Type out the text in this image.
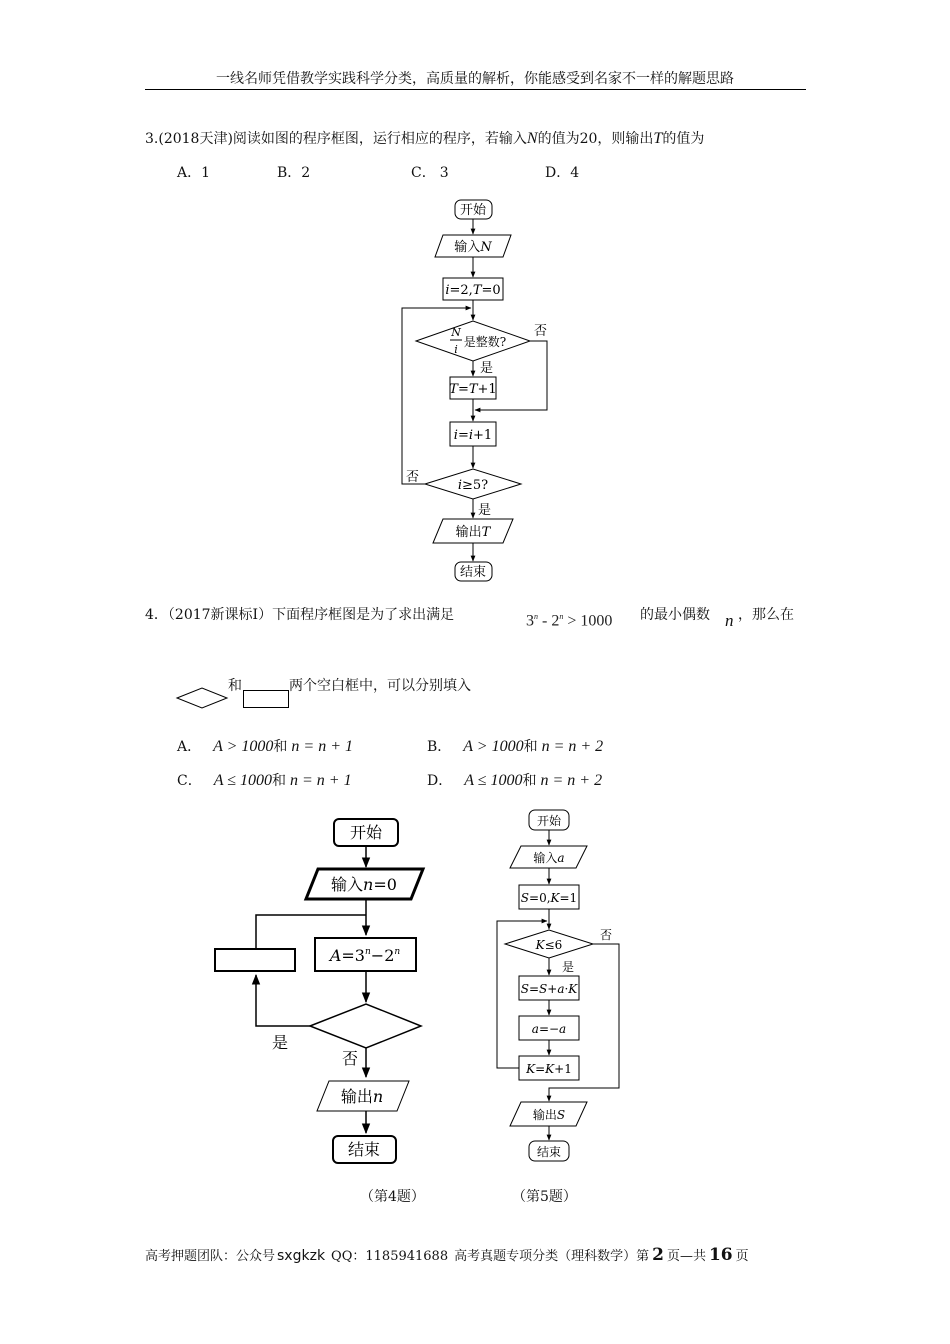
一线名师凭借教学实践科学分类，高质量的解析，你能感受到名家不一样的解题思路
3.(2018天津)阅读如图的程序框图，运行相应的程序，若输入N的值为20，则输出T的值为
A．1	B．2	C． 3	D．4
开始
输入N
i=2,T=0
N
i
是整数?
否
是
T=T+1
i=i+1
i≥5?
否
是
输出T
结束
4．（2017新课标Ⅰ）下面程序框图是为了求出满足	$3^n - 2^n > 1000$ 的最小偶数 n ，那么在
和	两个空白框中，可以分别填入
A． A > 1000和 n = n + 1	B． A > 1000和 n = n + 2
C． A ≤ 1000和 n = n + 1	D． A ≤ 1000和 n = n + 2
开始
输入n=0
$A=3^n-2^n$
是
否
输出n
结束
开始
输入a
S=0,K=1
K≤6
否
是
S=S+a·K
a=−a
K=K+1
输出S
结束
（第4题）	（第5题）
高考押题团队：公众号 sxgkzk QQ：1185941688 高考真题专项分类（理科数学）第 2 页—共 16 页
